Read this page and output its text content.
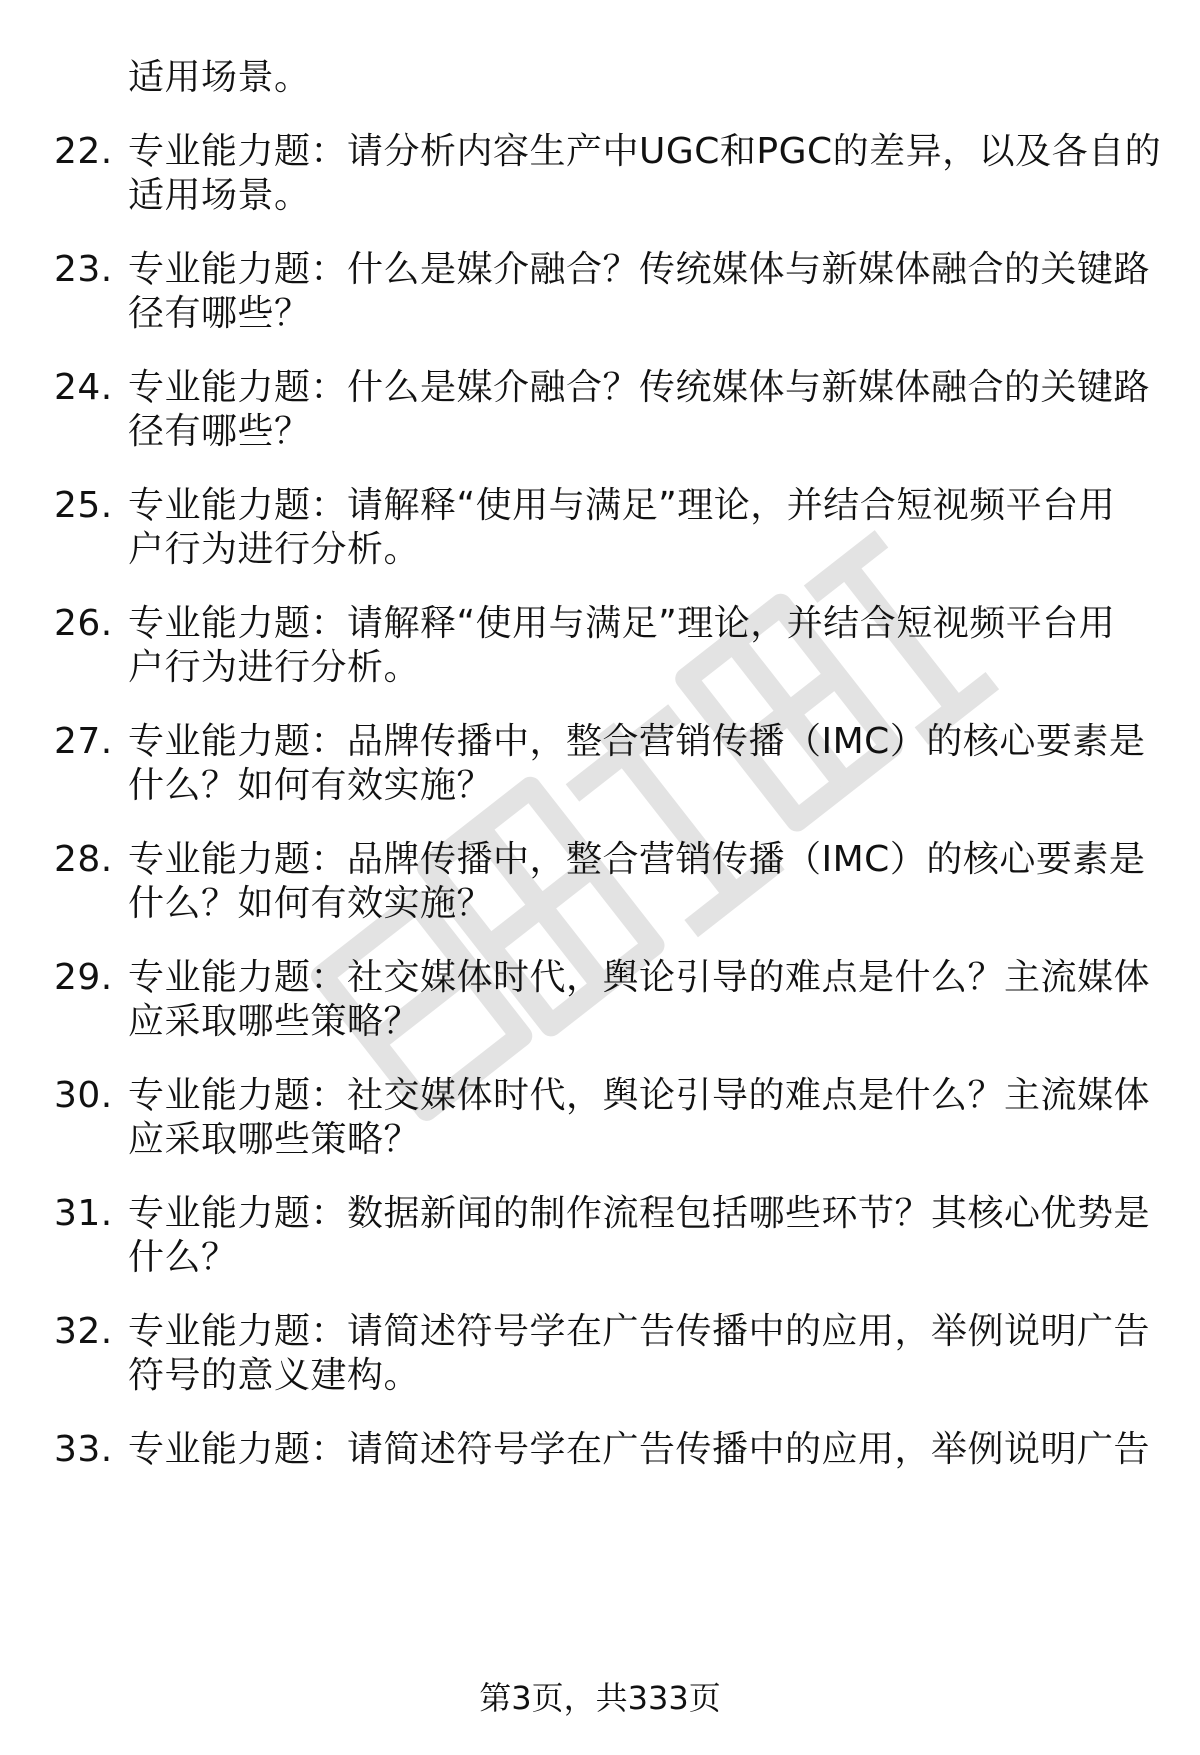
适用场景。
22. 专业能力题：请分析内容生产中UGC和PGC的差异，以及各自的
适用场景。
23. 专业能力题：什么是媒介融合？传统媒体与新媒体融合的关键路
径有哪些？
24. 专业能力题：什么是媒介融合？传统媒体与新媒体融合的关键路
径有哪些？
25. 专业能力题：请解释“使用与满足”理论，并结合短视频平台用
户行为进行分析。
26. 专业能力题：请解释“使用与满足”理论，并结合短视频平台用
户行为进行分析。
27. 专业能力题：品牌传播中，整合营销传播（IMC）的核心要素是
什么？如何有效实施？
28. 专业能力题：品牌传播中，整合营销传播（IMC）的核心要素是
什么？如何有效实施？
29. 专业能力题：社交媒体时代，舆论引导的难点是什么？主流媒体
应采取哪些策略？
30. 专业能力题：社交媒体时代，舆论引导的难点是什么？主流媒体
应采取哪些策略？
31. 专业能力题：数据新闻的制作流程包括哪些环节？其核心优势是
什么？
32. 专业能力题：请简述符号学在广告传播中的应用，举例说明广告
符号的意义建构。
33. 专业能力题：请简述符号学在广告传播中的应用，举例说明广告
第3页，共333页
